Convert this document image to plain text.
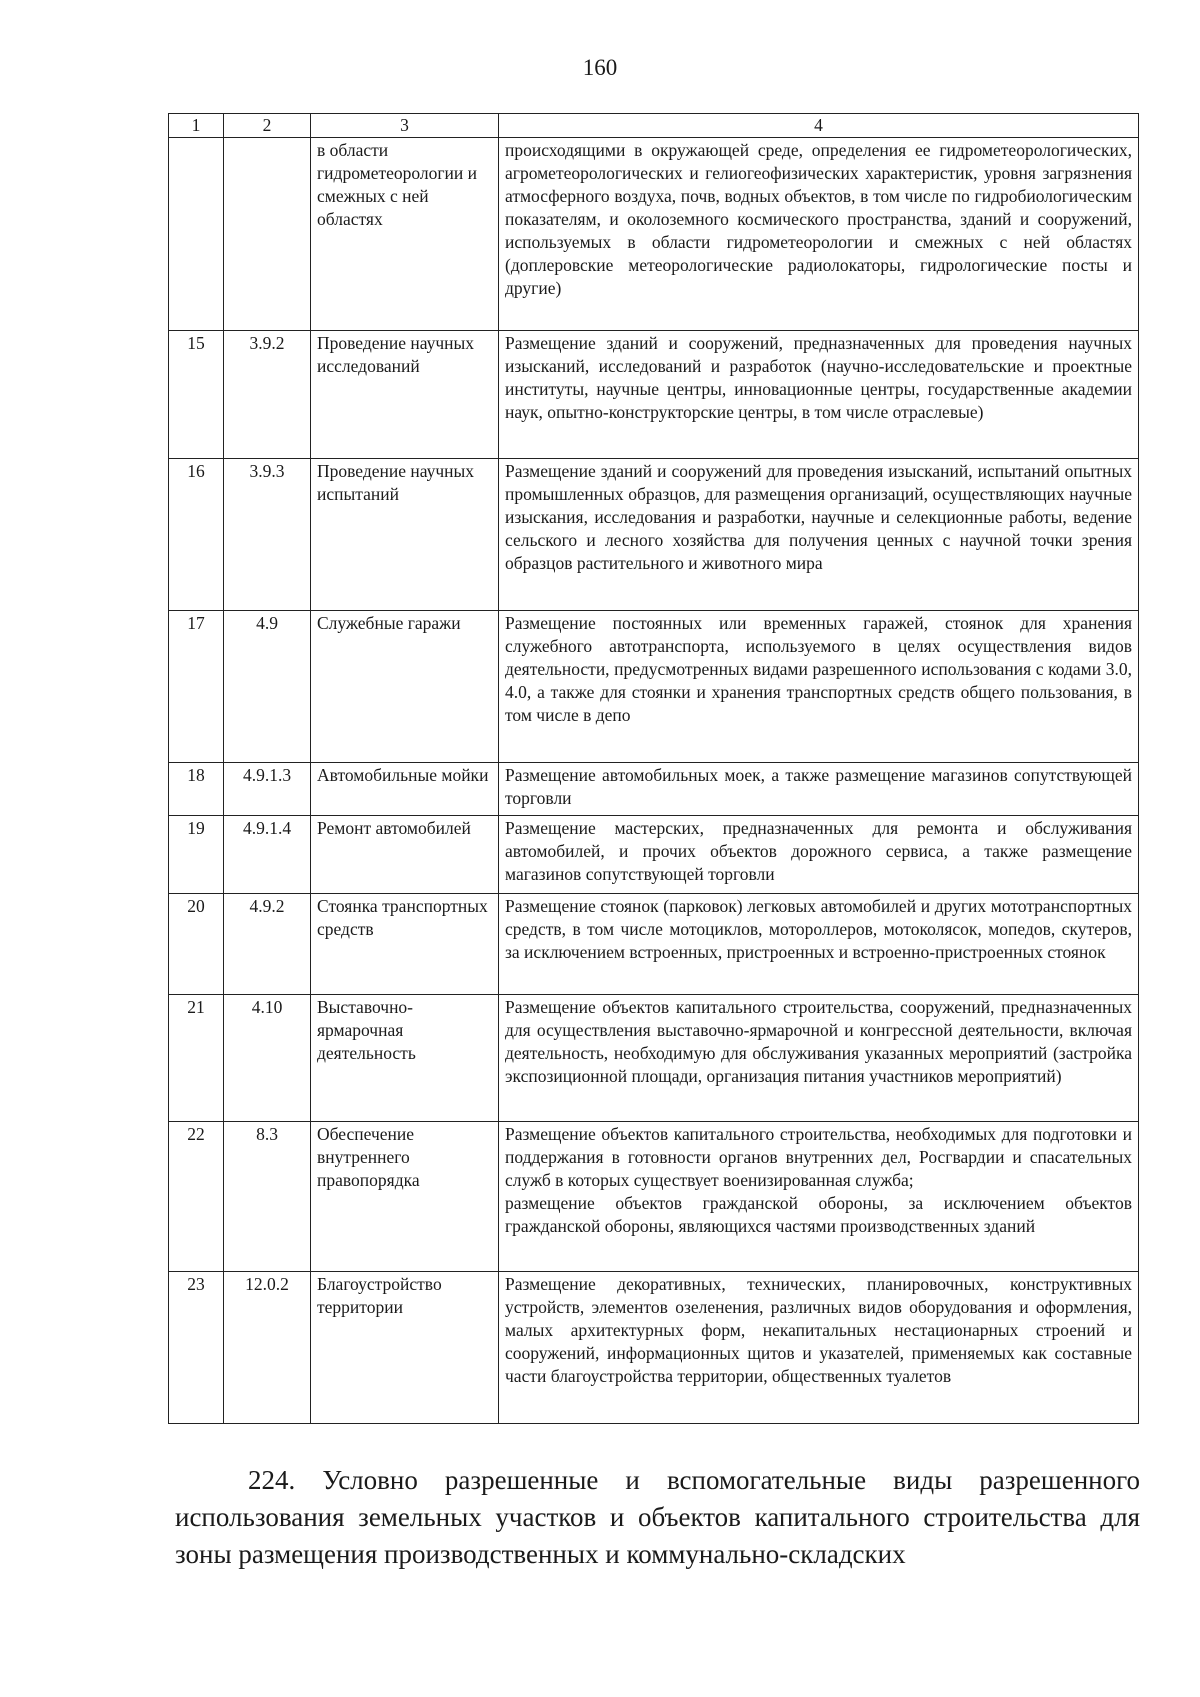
160
1	2	3	4
		в области гидрометеорологии и смежных с ней областях	происходящими в окружающей среде, определения ее гидрометеорологических, агрометеорологических и гелиогеофизических характеристик, уровня загрязнения атмосферного воздуха, почв, водных объектов, в том числе по гидробиологическим показателям, и околоземного космического пространства, зданий и сооружений, используемых в области гидрометеорологии и смежных с ней областях (доплеровские метеорологические радиолокаторы, гидрологические посты и другие)
15	3.9.2	Проведение научных исследований	Размещение зданий и сооружений, предназначенных для проведения научных изысканий, исследований и разработок (научно-исследовательские и проектные институты, научные центры, инновационные центры, государственные академии наук, опытно-конструкторские центры, в том числе отраслевые)
16	3.9.3	Проведение научных испытаний	Размещение зданий и сооружений для проведения изысканий, испытаний опытных промышленных образцов, для размещения организаций, осуществляющих научные изыскания, исследования и разработки, научные и селекционные работы, ведение сельского и лесного хозяйства для получения ценных с научной точки зрения образцов растительного и животного мира
17	4.9	Служебные гаражи	Размещение постоянных или временных гаражей, стоянок для хранения служебного автотранспорта, используемого в целях осуществления видов деятельности, предусмотренных видами разрешенного использования с кодами 3.0, 4.0, а также для стоянки и хранения транспортных средств общего пользования, в том числе в депо
18	4.9.1.3	Автомобильные мойки	Размещение автомобильных моек, а также размещение магазинов сопутствующей торговли
19	4.9.1.4	Ремонт автомобилей	Размещение мастерских, предназначенных для ремонта и обслуживания автомобилей, и прочих объектов дорожного сервиса, а также размещение магазинов сопутствующей торговли
20	4.9.2	Стоянка транспортных средств	Размещение стоянок (парковок) легковых автомобилей и других мототранспортных средств, в том числе мотоциклов, мотороллеров, мотоколясок, мопедов, скутеров, за исключением встроенных, пристроенных и встроенно-пристроенных стоянок
21	4.10	Выставочно-ярмарочная деятельность	Размещение объектов капитального строительства, сооружений, предназначенных для осуществления выставочно-ярмарочной и конгрессной деятельности, включая деятельность, необходимую для обслуживания указанных мероприятий (застройка экспозиционной площади, организация питания участников мероприятий)
22	8.3	Обеспечение внутреннего правопорядка	Размещение объектов капитального строительства, необходимых для подготовки и поддержания в готовности органов внутренних дел, Росгвардии и спасательных служб в которых существует военизированная служба;

размещение объектов гражданской обороны, за исключением объектов гражданской обороны, являющихся частями производственных зданий

23	12.0.2	Благоустройство территории	Размещение декоративных, технических, планировочных, конструктивных устройств, элементов озеленения, различных видов оборудования и оформления, малых архитектурных форм, некапитальных нестационарных строений и сооружений, информационных щитов и указателей, применяемых как составные части благоустройства территории, общественных туалетов

224. Условно разрешенные и вспомогательные виды разрешенного использования земельных участков и объектов капитального строительства для зоны размещения производственных и коммунально-складских
